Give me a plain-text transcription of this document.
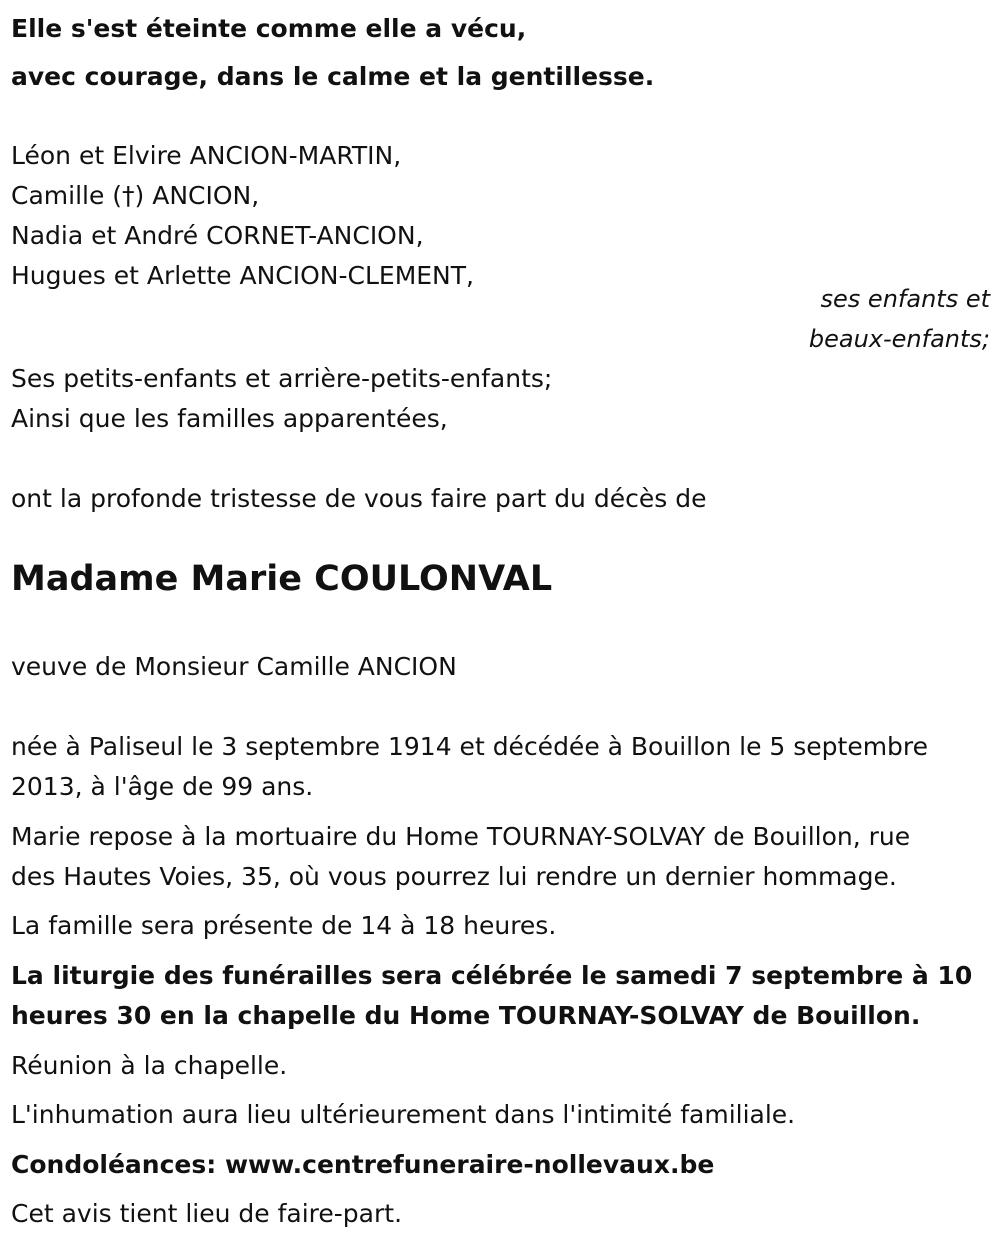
Elle s'est éteinte comme elle a vécu,
avec courage, dans le calme et la gentillesse.
Léon et Elvire ANCION-MARTIN,
Camille (†) ANCION,
Nadia et André CORNET-ANCION,
Hugues et Arlette ANCION-CLEMENT,
ses enfants et
beaux-enfants;
Ses petits-enfants et arrière-petits-enfants;
Ainsi que les familles apparentées,
ont la profonde tristesse de vous faire part du décès de
Madame Marie COULONVAL
veuve de Monsieur Camille ANCION
née à Paliseul le 3 septembre 1914 et décédée à Bouillon le 5 septembre
2013, à l'âge de 99 ans.
Marie repose à la mortuaire du Home TOURNAY-SOLVAY de Bouillon, rue
des Hautes Voies, 35, où vous pourrez lui rendre un dernier hommage.
La famille sera présente de 14 à 18 heures.
La liturgie des funérailles sera célébrée le samedi 7 septembre à 10
heures 30 en la chapelle du Home TOURNAY-SOLVAY de Bouillon.
Réunion à la chapelle.
L'inhumation aura lieu ultérieurement dans l'intimité familiale.
Condoléances: www.centrefuneraire-nollevaux.be
Cet avis tient lieu de faire-part.
